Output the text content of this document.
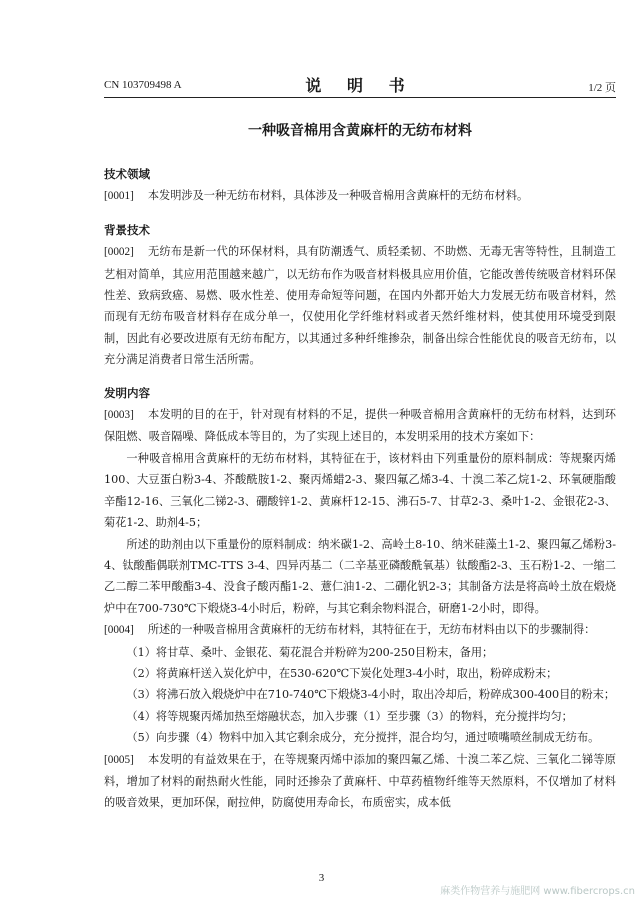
CN 103709498 A	说 明 书	1/2 页
一种吸音棉用含黄麻杆的无纺布材料
技术领域

[0001] 本发明涉及一种无纺布材料，具体涉及一种吸音棉用含黄麻杆的无纺布材料。

背景技术

[0002] 无纺布是新一代的环保材料，具有防潮透气、质轻柔韧、不助燃、无毒无害等特性，且制造工艺相对简单，其应用范围越来越广，以无纺布作为吸音材料极具应用价值，它能改善传统吸音材料环保性差、致病致癌、易燃、吸水性差、使用寿命短等问题，在国内外都开始大力发展无纺布吸音材料，然而现有无纺布吸音材料存在成分单一，仅使用化学纤维材料或者天然纤维材料，使其使用环境受到限制，因此有必要改进原有无纺布配方，以其通过多种纤维掺杂，制备出综合性能优良的吸音无纺布，以充分满足消费者日常生活所需。

发明内容

[0003] 本发明的目的在于，针对现有材料的不足，提供一种吸音棉用含黄麻杆的无纺布材料，达到环保阻燃、吸音隔噪、降低成本等目的，为了实现上述目的，本发明采用的技术方案如下：

一种吸音棉用含黄麻杆的无纺布材料，其特征在于，该材料由下列重量份的原料制成：等规聚丙烯100、大豆蛋白粉3-4、芥酸酰胺1-2、聚丙烯蜡2-3、聚四氟乙烯3-4、十溴二苯乙烷1-2、环氧硬脂酸辛酯12-16、三氧化二锑2-3、硼酸锌1-2、黄麻杆12-15、沸石5-7、甘草2-3、桑叶1-2、金银花2-3、菊花1-2、助剂4-5；

所述的助剂由以下重量份的原料制成：纳米碳1-2、高岭土8-10、纳米硅藻土1-2、聚四氟乙烯粉3-4、钛酸酯偶联剂TMC-TTS 3-4、四异丙基二（二辛基亚磷酸酰氧基）钛酸酯2-3、玉石粉1-2、一缩二乙二醇二苯甲酸酯3-4、没食子酸丙酯1-2、薏仁油1-2、二硼化钒2-3；其制备方法是将高岭土放在煅烧炉中在700-730℃下煅烧3-4小时后，粉碎，与其它剩余物料混合，研磨1-2小时，即得。

[0004] 所述的一种吸音棉用含黄麻杆的无纺布材料，其特征在于，无纺布材料由以下的步骤制得：

（1）将甘草、桑叶、金银花、菊花混合并粉碎为200-250目粉末，备用；

（2）将黄麻杆送入炭化炉中，在530-620℃下炭化处理3-4小时，取出，粉碎成粉末；

（3）将沸石放入煅烧炉中在710-740℃下煅烧3-4小时，取出冷却后，粉碎成300-400目的粉末；

（4）将等规聚丙烯加热至熔融状态，加入步骤（1）至步骤（3）的物料，充分搅拌均匀；

（5）向步骤（4）物料中加入其它剩余成分，充分搅拌，混合均匀，通过喷嘴喷丝制成无纺布。

[0005] 本发明的有益效果在于，在等规聚丙烯中添加的聚四氟乙烯、十溴二苯乙烷、三氧化二锑等原料，增加了材料的耐热耐火性能，同时还掺杂了黄麻杆、中草药植物纤维等天然原料，不仅增加了材料的吸音效果，更加环保，耐拉伸，防腐使用寿命长，布质密实，成本低

3
麻类作物营养与施肥网 www.fibercrops.cn
